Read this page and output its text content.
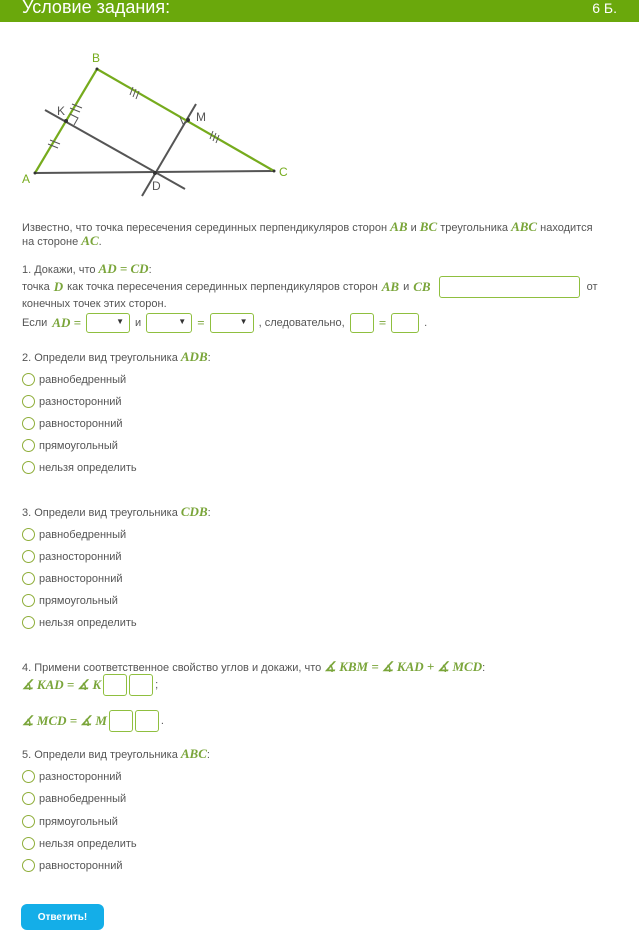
Условие задания:	6 Б.
A
B
C
D
K	M
Известно, что точка пересечения серединных перпендикуляров сторон AB и BC треугольника ABC находится
на стороне AC.
1. Докажи, что AD = CD:
точка D как точка пересечения серединных перпендикуляров сторон AB и CB	от
конечных точек этих сторон.
Если AD = ▼	и ▼	= ▼	, следовательно,	=	.
2. Определи вид треугольника ADB:
равнобедренный
разносторонний
равносторонний
прямоугольный
нельзя определить
3. Определи вид треугольника CDB:
равнобедренный
разносторонний
равносторонний
прямоугольный
нельзя определить
4. Примени соответственное свойство углов и докажи, что ∡ KBM = ∡ KAD + ∡ MCD:
∡ KAD = ∡ K	;
∡ MCD = ∡ M	.
5. Определи вид треугольника ABC:
разносторонний
равнобедренный
прямоугольный
нельзя определить
равносторонний
Ответить!
